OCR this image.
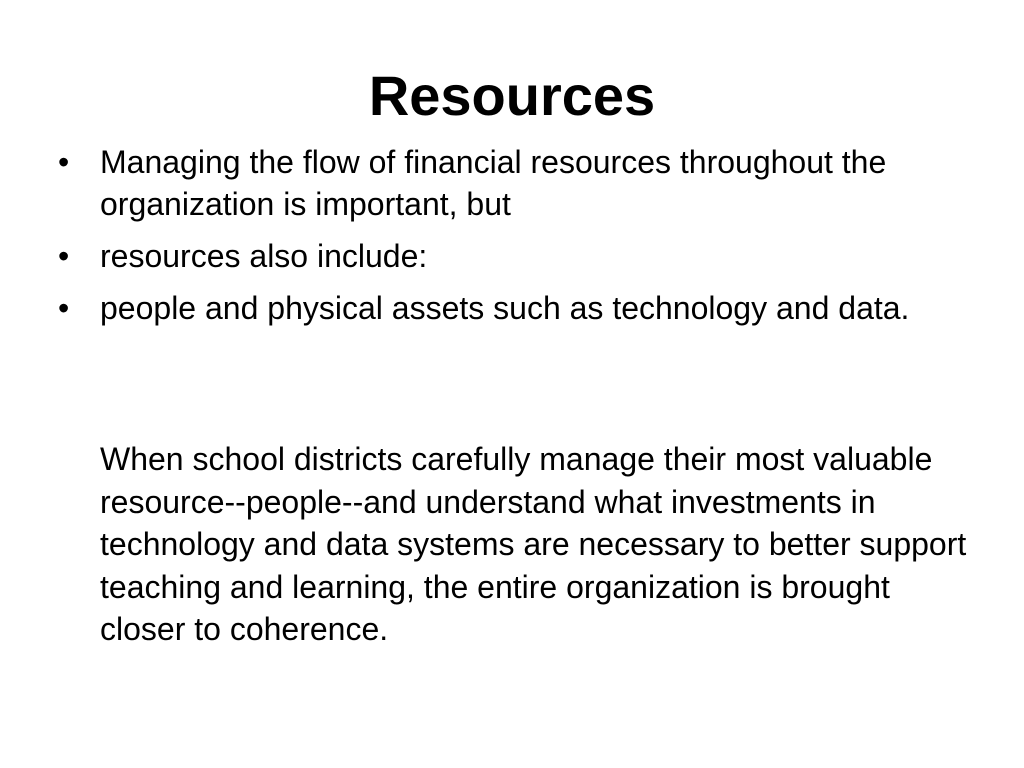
Resources
• Managing the flow of financial resources throughout the organization is important, but
• resources also include:
• people and physical assets such as technology and data.

When school districts carefully manage their most valuable resource--people--and understand what investments in technology and data systems are necessary to better support teaching and learning, the entire organization is brought closer to coherence.
